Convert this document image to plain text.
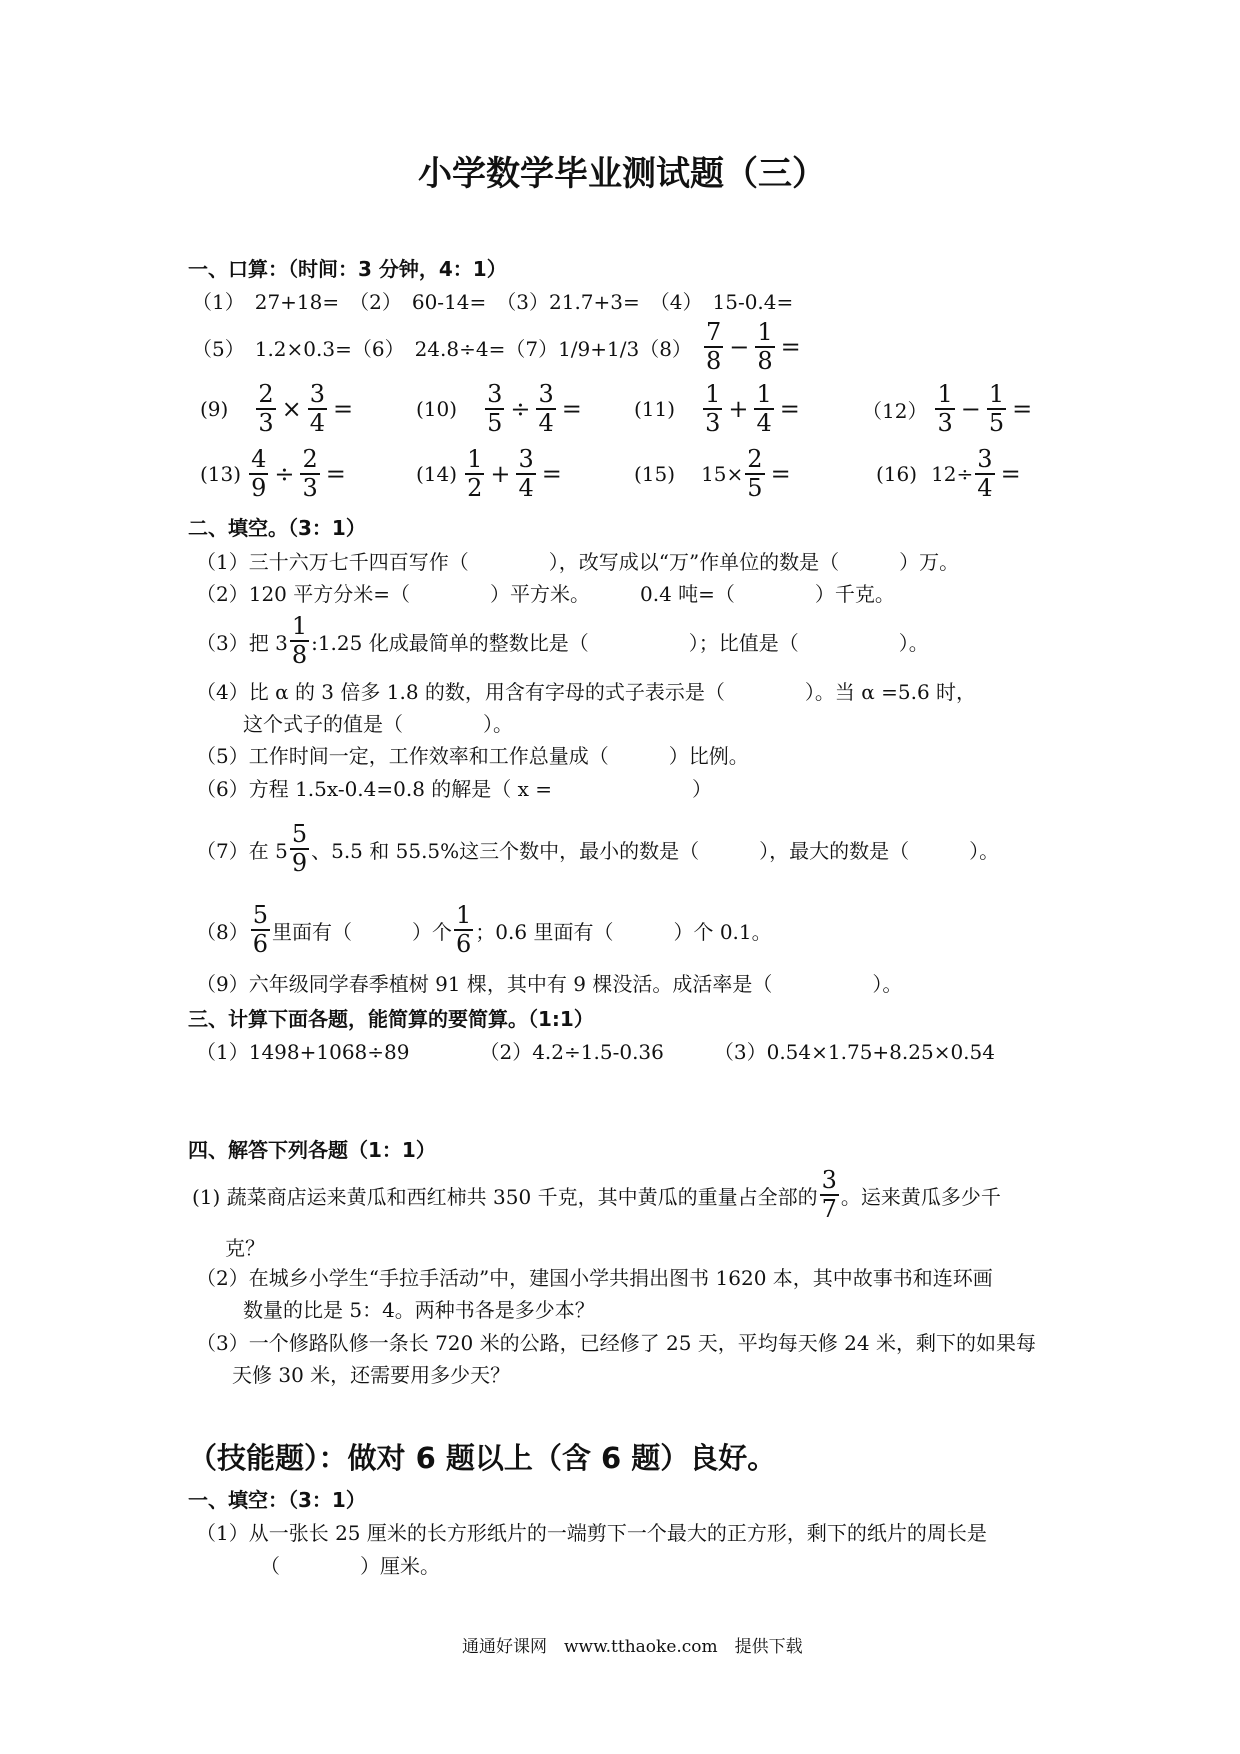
小学数学毕业测试题（三）
一、口算：（时间：3 分钟，4：1）
（1）　27+18=　（2）　60-14=　（3）21.7+3=　（4）　15-0.4=
（5）　1.2×0.3=（6）　$24.8\div 4=(7)1/9+1/3(8) \frac{7}{8} - \frac{1}{8}$ =
$(9) \frac{2}{3} \times \frac{3}{4}$ =	$(10) \frac{3}{5} \div \frac{3}{4}$ =	$(11) \frac{1}{3} + \frac{1}{4}$ =	$(12) \frac{1}{3} - \frac{1}{5}$ =
$(13) \frac{4}{9} \div \frac{2}{3}$ =	$(14) \frac{1}{2} + \frac{3}{4}$ =	(15) $15\times \frac{2}{5}$ =	(16) $12\div \frac{3}{4}$ =
二、填空。（3：1）
（1）三十六万七千四百写作（　　　　），改写成以“万”作单位的数是（　　　）万。
（2）120 平方分米=（　　　　）平方米。　　　0.4 吨=（　　　　）千克。
（3）把 $3 \frac{1}{8}$ :1.25 化成最简单的整数比是（　　　　　）；比值是（　　　　　）。
（4）比 α 的 3 倍多 1.8 的数，用含有字母的式子表示是（　　　　）。当 α =5.6 时，
这个式子的值是（　　　　）。
（5）工作时间一定，工作效率和工作总量成（　　　）比例。
（6）方程 1.5x-0.4=0.8 的解是（ x =　　　　　　　）
（7）在 $5 \frac{5}{9}$ 、5.5 和 55.5%这三个数中，最小的数是（　　　），最大的数是（　　　）。
$(8) \frac{5}{6}$ 里面有（　　　）个 $\frac{1}{6}$ ；0.6 里面有（　　　）个 0.1。
（9）六年级同学春季植树 91 棵，其中有 9 棵没活。成活率是（　　　　　）。
三、计算下面各题，能简算的要简算。（1:1）
（1）1498+1068÷89　　　　（2）4.2÷1.5-0.36　　　（3）0.54×1.75+8.25×0.54
四、解答下列各题（1：1）
(1) 蔬菜商店运来黄瓜和西红柿共 350 千克，其中黄瓜的重量占全部的 $\frac{3}{7}$ 。运来黄瓜多少千
克？
（2）在城乡小学生“手拉手活动”中，建国小学共捐出图书 1620 本，其中故事书和连环画
数量的比是 5：4。两种书各是多少本？
（3）一个修路队修一条长 720 米的公路，已经修了 25 天，平均每天修 24 米，剩下的如果每
天修 30 米，还需要用多少天？
（技能题）：做对 6 题以上（含 6 题）良好。
一、填空：（3：1）
（1）从一张长 25 厘米的长方形纸片的一端剪下一个最大的正方形，剩下的纸片的周长是
（　　　　）厘米。
通通好课网　www.tthaoke.com　提供下载
